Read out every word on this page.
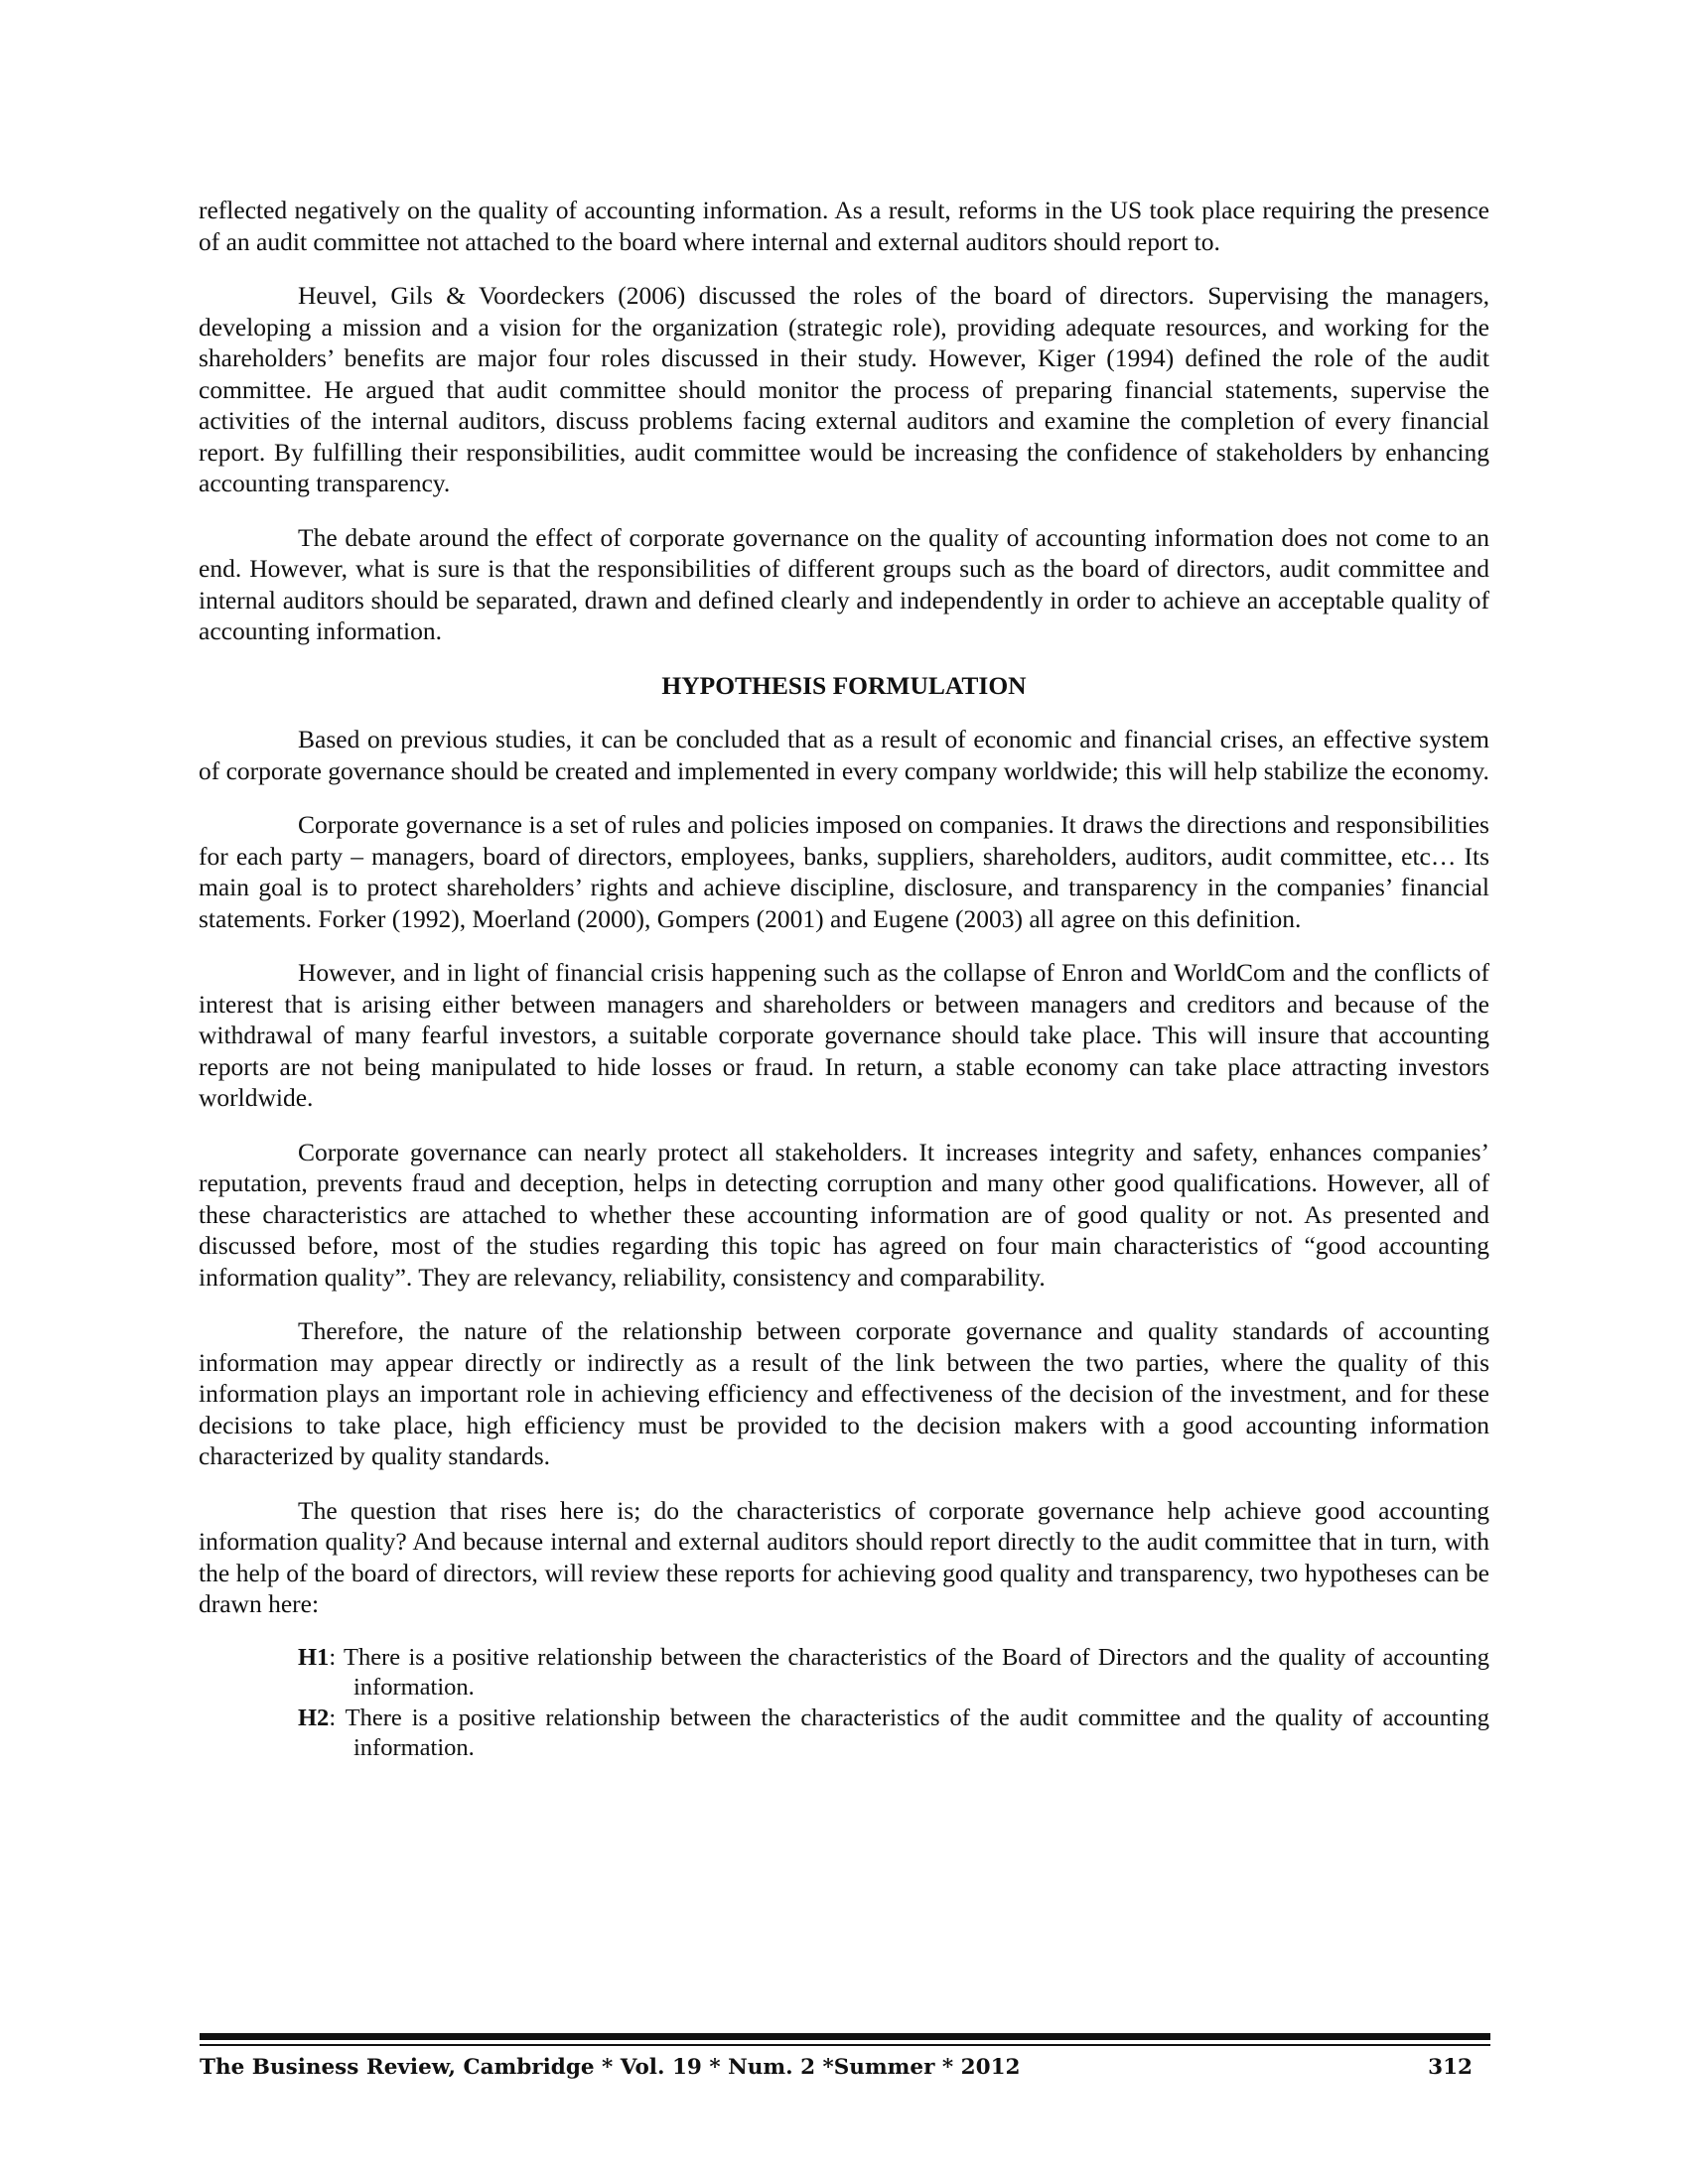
reflected negatively on the quality of accounting information. As a result, reforms in the US took place requiring the presence of an audit committee not attached to the board where internal and external auditors should report to.

Heuvel, Gils & Voordeckers (2006) discussed the roles of the board of directors. Supervising the managers, developing a mission and a vision for the organization (strategic role), providing adequate resources, and working for the shareholders’ benefits are major four roles discussed in their study. However, Kiger (1994) defined the role of the audit committee. He argued that audit committee should monitor the process of preparing financial statements, supervise the activities of the internal auditors, discuss problems facing external auditors and examine the completion of every financial report. By fulfilling their responsibilities, audit committee would be increasing the confidence of stakeholders by enhancing accounting transparency.

The debate around the effect of corporate governance on the quality of accounting information does not come to an end. However, what is sure is that the responsibilities of different groups such as the board of directors, audit committee and internal auditors should be separated, drawn and defined clearly and independently in order to achieve an acceptable quality of accounting information.

HYPOTHESIS FORMULATION

Based on previous studies, it can be concluded that as a result of economic and financial crises, an effective system of corporate governance should be created and implemented in every company worldwide; this will help stabilize the economy.

Corporate governance is a set of rules and policies imposed on companies. It draws the directions and responsibilities for each party – managers, board of directors, employees, banks, suppliers, shareholders, auditors, audit committee, etc… Its main goal is to protect shareholders’ rights and achieve discipline, disclosure, and transparency in the companies’ financial statements. Forker (1992), Moerland (2000), Gompers (2001) and Eugene (2003) all agree on this definition.

However, and in light of financial crisis happening such as the collapse of Enron and WorldCom and the conflicts of interest that is arising either between managers and shareholders or between managers and creditors and because of the withdrawal of many fearful investors, a suitable corporate governance should take place. This will insure that accounting reports are not being manipulated to hide losses or fraud. In return, a stable economy can take place attracting investors worldwide.

Corporate governance can nearly protect all stakeholders. It increases integrity and safety, enhances companies’ reputation, prevents fraud and deception, helps in detecting corruption and many other good qualifications. However, all of these characteristics are attached to whether these accounting information are of good quality or not. As presented and discussed before, most of the studies regarding this topic has agreed on four main characteristics of “good accounting information quality”. They are relevancy, reliability, consistency and comparability.

Therefore, the nature of the relationship between corporate governance and quality standards of accounting information may appear directly or indirectly as a result of the link between the two parties, where the quality of this information plays an important role in achieving efficiency and effectiveness of the decision of the investment, and for these decisions to take place, high efficiency must be provided to the decision makers with a good accounting information characterized by quality standards.

The question that rises here is; do the characteristics of corporate governance help achieve good accounting information quality? And because internal and external auditors should report directly to the audit committee that in turn, with the help of the board of directors, will review these reports for achieving good quality and transparency, two hypotheses can be drawn here:

H1: There is a positive relationship between the characteristics of the Board of Directors and the quality of accounting information.
H2: There is a positive relationship between the characteristics of the audit committee and the quality of accounting information.
The Business Review, Cambridge * Vol. 19 * Num. 2 *Summer * 2012	312
